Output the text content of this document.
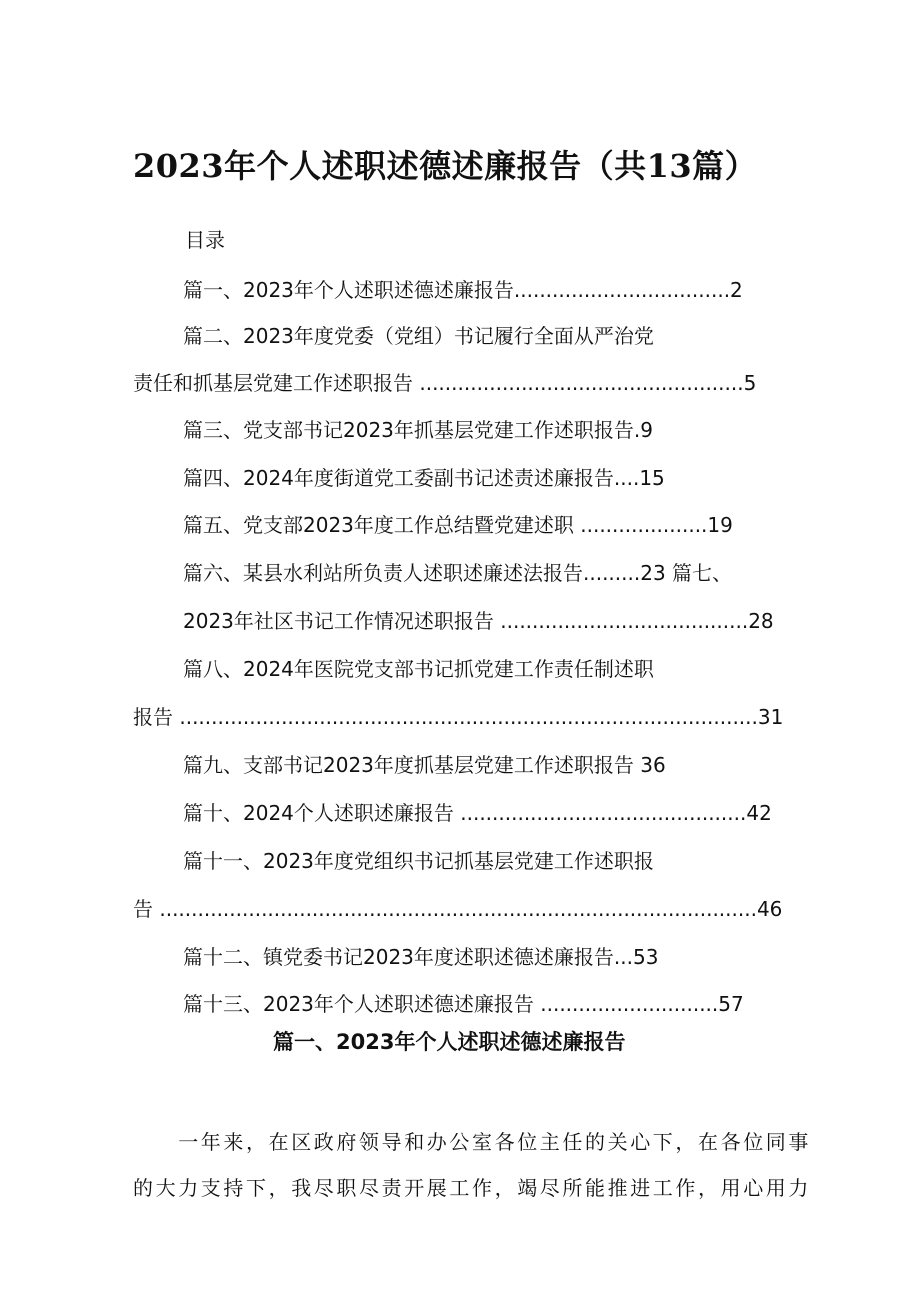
2023年个人述职述德述廉报告（共13篇）
目录
篇一、2023年个人述职述德述廉报告..................................2
篇二、2023年度党委（党组）书记履行全面从严治党
责任和抓基层党建工作述职报告 ...................................................5
篇三、党支部书记2023年抓基层党建工作述职报告.9
篇四、2024年度街道党工委副书记述责述廉报告....15
篇五、党支部2023年度工作总结暨党建述职 ....................19
篇六、某县水利站所负责人述职述廉述法报告.........23 篇七、
2023年社区书记工作情况述职报告 .......................................28
篇八、2024年医院党支部书记抓党建工作责任制述职
报告 ...........................................................................................31
篇九、支部书记2023年度抓基层党建工作述职报告 36
篇十、2024个人述职述廉报告 .............................................42
篇十一、2023年度党组织书记抓基层党建工作述职报
告 ..............................................................................................46
篇十二、镇党委书记2023年度述职述德述廉报告...53
篇十三、2023年个人述职述德述廉报告 ............................57
篇一、2023年个人述职述德述廉报告
　　一年来，在区政府领导和办公室各位主任的关心下，在各位同事
的大力支持下，我尽职尽责开展工作，竭尽所能推进工作，用心用力
